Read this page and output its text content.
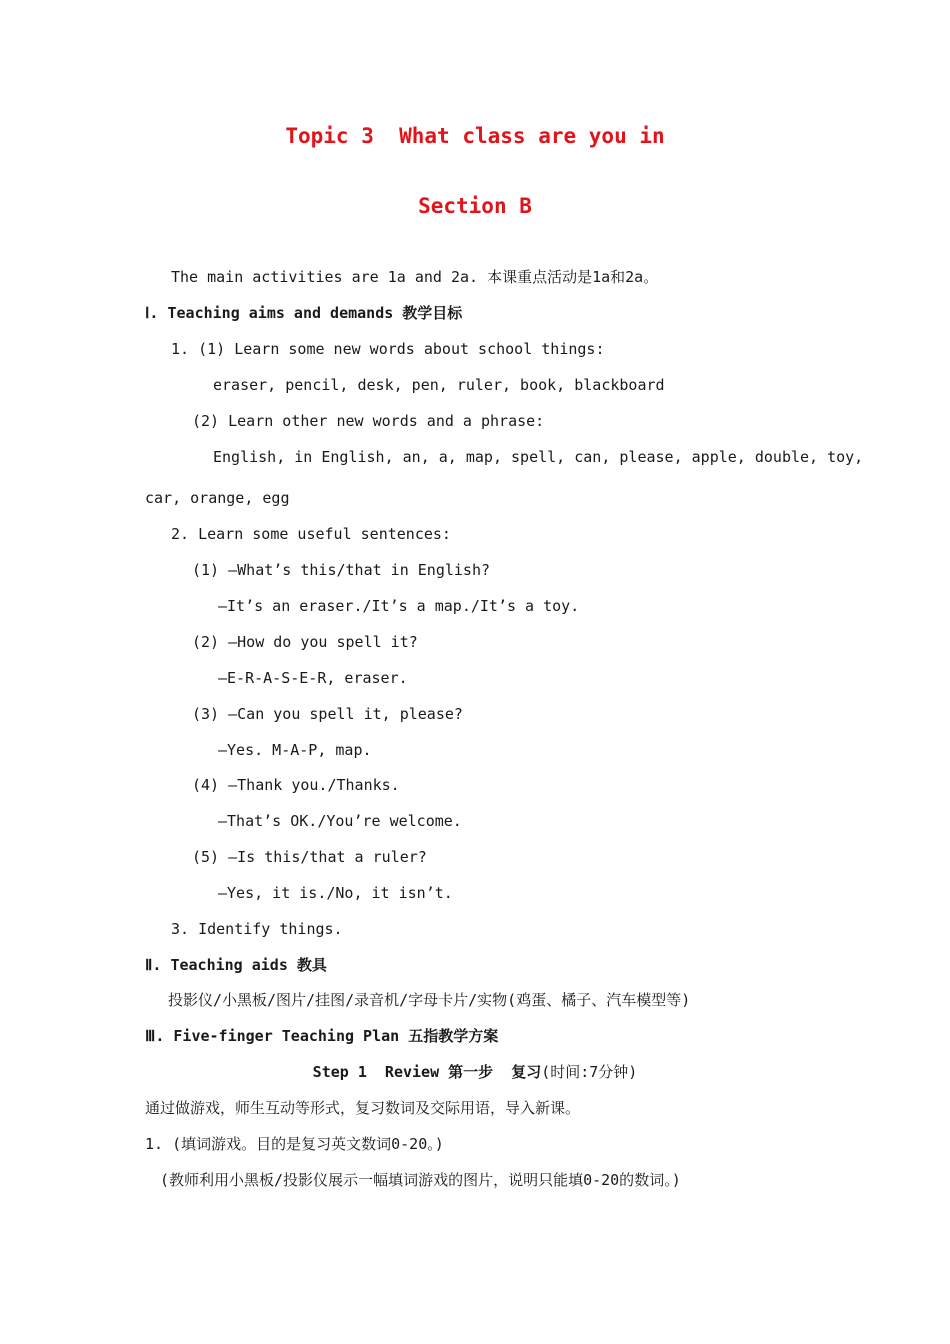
Topic 3  What class are you in
Section B
The main activities are 1a and 2a. 本课重点活动是1a和2a。
Ⅰ. Teaching aims and demands 教学目标
1. (1) Learn some new words about school things:
eraser, pencil, desk, pen, ruler, book, blackboard
(2) Learn other new words and a phrase:
English, in English, an, a, map, spell, can, please, apple, double, toy,
car, orange, egg
2. Learn some useful sentences:
(1) —What’s this/that in English?
—It’s an eraser./It’s a map./It’s a toy.
(2) —How do you spell it?
—E-R-A-S-E-R, eraser.
(3) —Can you spell it, please?
—Yes. M-A-P, map.
(4) —Thank you./Thanks.
—That’s OK./You’re welcome.
(5) —Is this/that a ruler?
—Yes, it is./No, it isn’t.
3. Identify things.
Ⅱ. Teaching aids 教具
投影仪/小黑板/图片/挂图/录音机/字母卡片/实物(鸡蛋、橘子、汽车模型等)
Ⅲ. Five-finger Teaching Plan 五指教学方案
Step 1  Review 第一步  复习(时间:7分钟)
通过做游戏，师生互动等形式，复习数词及交际用语，导入新课。
1. (填词游戏。目的是复习英文数词0-20。)
(教师利用小黑板/投影仪展示一幅填词游戏的图片，说明只能填0-20的数词。)
